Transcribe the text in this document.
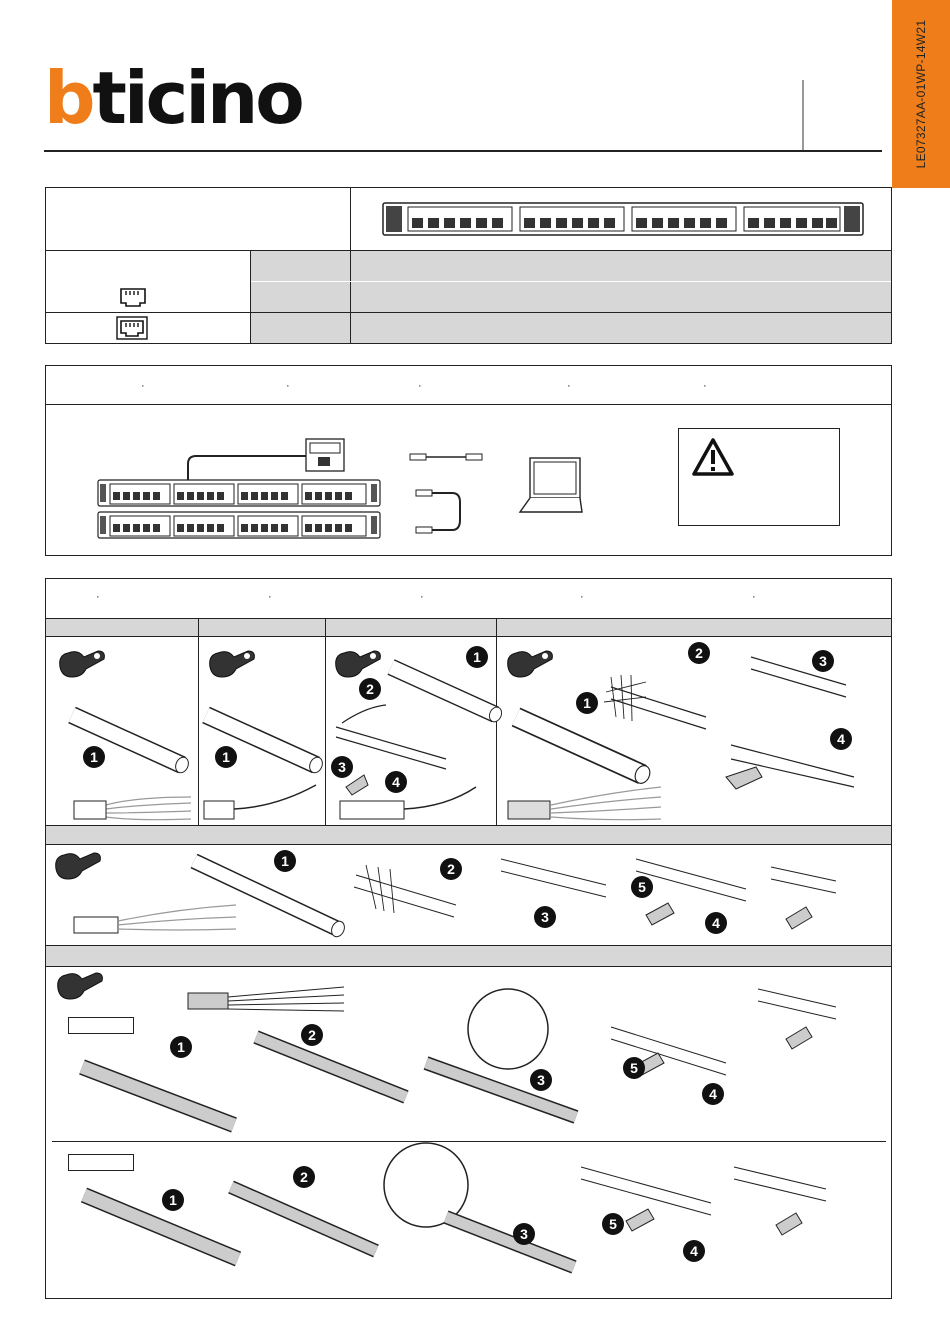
LE07327AA-01WP-14W21
bticino
·	·	·	·	·
·	·	·	·	·
1	1
1
2
4
3
1
2	3
4
1	2
3
5
4
1
2
3
5
4
1
2
3
5
4
